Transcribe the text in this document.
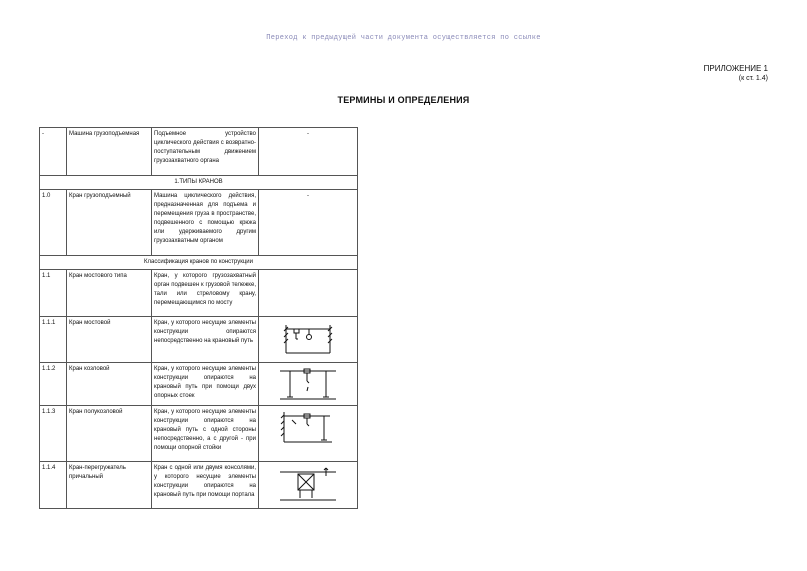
Переход к предыдущей части документа осуществляется по ссылке
ПРИЛОЖЕНИЕ 1
(к ст. 1.4)
ТЕРМИНЫ И ОПРЕДЕЛЕНИЯ
-	Машина грузоподъемная	Подъемное устройство циклического действия с возвратно-поступательным движением грузозахватного органа	-
1.ТИПЫ КРАНОВ			
1.0	Кран грузоподъемный	Машина циклического действия, предназначенная для подъема и перемещения груза в пространстве, подвешенного с помощью крюка или удерживаемого другим грузозахватным органом	-
Классификация кранов по конструкции			
1.1	Кран мостового типа	Кран, у которого грузозахватный орган подвешен к грузовой тележке, тали или стреловому крану, перемещающимся по мосту	
1.1.1	Кран мостовой	Кран, у которого несущие элементы конструкции опираются непосредственно на крановый путь	

1.1.2	Кран козловой	Кран, у которого несущие элементы конструкции опираются на крановый путь при помощи двух опорных стоек	

1.1.3	Кран полукозловой	Кран, у которого несущие элементы конструкции опираются на крановый путь с одной стороны непосредственно, а с другой - при помощи опорной стойки	

1.1.4	Кран-перегружатель причальный	Кран с одной или двумя консолями, у которого несущие элементы конструкции опираются на крановый путь при помощи портала	
